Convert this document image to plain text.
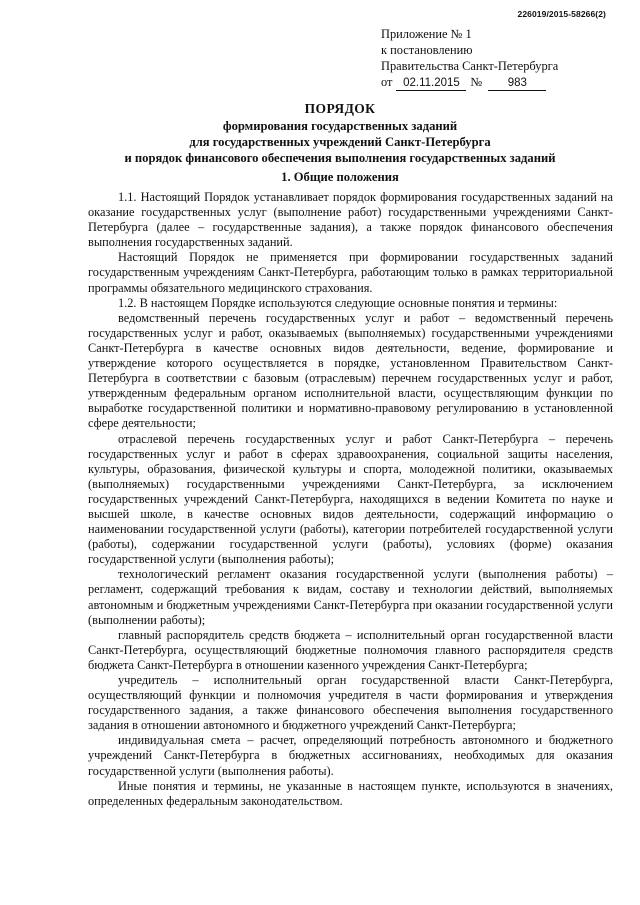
226019/2015-58266(2)
Приложение № 1
к постановлению
Правительства Санкт-Петербурга
от 02.11.2015 №	983
ПОРЯДОК
формирования государственных заданий
для государственных учреждений Санкт-Петербурга
и порядок финансового обеспечения выполнения государственных заданий
1. Общие положения

1.1. Настоящий Порядок устанавливает порядок формирования государственных заданий на оказание государственных услуг (выполнение работ) государственными учреждениями Санкт-Петербурга (далее – государственные задания), а также порядок финансового обеспечения выполнения государственных заданий.

Настоящий Порядок не применяется при формировании государственных заданий государственным учреждениям Санкт-Петербурга, работающим только в рамках территориальной программы обязательного медицинского страхования.

1.2. В настоящем Порядке используются следующие основные понятия и термины:

ведомственный перечень государственных услуг и работ – ведомственный перечень государственных услуг и работ, оказываемых (выполняемых) государственными учреждениями Санкт-Петербурга в качестве основных видов деятельности, ведение, формирование и утверждение которого осуществляется в порядке, установленном Правительством Санкт-Петербурга в соответствии с базовым (отраслевым) перечнем государственных услуг и работ, утвержденным федеральным органом исполнительной власти, осуществляющим функции по выработке государственной политики и нормативно-правовому регулированию в установленной сфере деятельности;

отраслевой перечень государственных услуг и работ Санкт-Петербурга – перечень государственных услуг и работ в сферах здравоохранения, социальной защиты населения, культуры, образования, физической культуры и спорта, молодежной политики, оказываемых (выполняемых) государственными учреждениями Санкт-Петербурга, за исключением государственных учреждений Санкт-Петербурга, находящихся в ведении Комитета по науке и высшей школе, в качестве основных видов деятельности, содержащий информацию о наименовании государственной услуги (работы), категории потребителей государственной услуги (работы), содержании государственной услуги (работы), условиях (форме) оказания государственной услуги (выполнения работы);

технологический регламент оказания государственной услуги (выполнения работы) – регламент, содержащий требования к видам, составу и технологии действий, выполняемых автономным и бюджетным учреждениями Санкт-Петербурга при оказании государственной услуги (выполнении работы);

главный распорядитель средств бюджета – исполнительный орган государственной власти Санкт-Петербурга, осуществляющий бюджетные полномочия главного распорядителя средств бюджета Санкт-Петербурга в отношении казенного учреждения Санкт-Петербурга;

учредитель – исполнительный орган государственной власти Санкт-Петербурга, осуществляющий функции и полномочия учредителя в части формирования и утверждения государственного задания, а также финансового обеспечения выполнения государственного задания в отношении автономного и бюджетного учреждений Санкт-Петербурга;

индивидуальная смета – расчет, определяющий потребность автономного и бюджетного учреждений Санкт-Петербурга в бюджетных ассигнованиях, необходимых для оказания государственной услуги (выполнения работы).

Иные понятия и термины, не указанные в настоящем пункте, используются в значениях, определенных федеральным законодательством.
